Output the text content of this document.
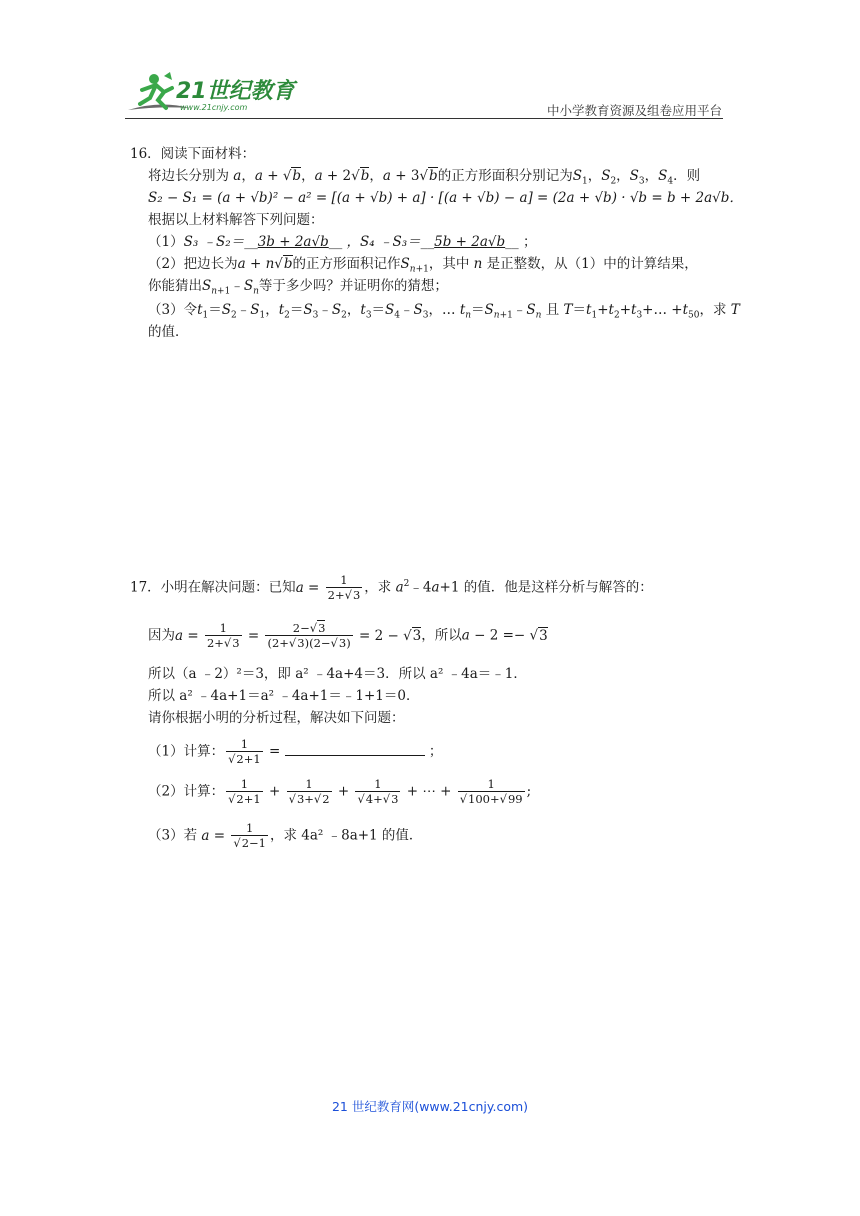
21世纪教育
www.21cnjy.com	中小学教育资源及组卷应用平台
16．阅读下面材料：
将边长分别为 a，a + √b，a + 2√b，a + 3√b的正方形面积分别记为$S_1$，$S_2$，$S_3$，$S_4$．则
S₂ − S₁ = (a + √b)² − a² = [(a + √b) + a] · [(a + √b) − a] = (2a + √b) · √b = b + 2a√b．
根据以上材料解答下列问题：
（1）S₃ ﹣S₂＝__3b + 2a√b__ ，S₄ ﹣S₃＝__5b + 2a√b__ ；
（2）把边长为a + n√b的正方形面积记作$S_{n+1}$，其中 n 是正整数，从（1）中的计算结果，
你能猜出$S_{n+1}﹣S_n$等于多少吗？并证明你的猜想；
（3）令$t_1=S_2﹣S_1$，$t_2=S_3﹣S_2$，$t_3=S_4﹣S_3$，… $t_n=S_{n+1}﹣S_n$ 且 $T=t_1+t_2+t_3+\dots +t_{50}$，求 T
的值．
17．小明在解决问题：已知$a = \frac{1}{2+√3}$ ，求 $a^2﹣4a+1$ 的值．他是这样分析与解答的：
因为$a = \frac{1}{2+√3} = \frac{2-√3}{(2+√3)(2-√3)} = 2 - √3$，所以a − 2 =− √3
所以（a ﹣2）²＝3，即 a² ﹣4a+4＝3．所以 a² ﹣4a＝﹣1．
所以 a² ﹣4a+1＝a² ﹣4a+1＝﹣1+1＝0．
请你根据小明的分析过程，解决如下问题：
（1）计算： $\frac{1}{√2+1}$ =	；
（2）计算： $\frac{1}{√2+1} + \frac{1}{√3+√2} + \frac{1}{√4+√3}$ + ⋯ + $\frac{1}{√100+√99}$ ;
（3）若 $a = \frac{1}{√2-1}$ ，求 4a² ﹣8a+1 的值．
21 世纪教育网(www.21cnjy.com)
